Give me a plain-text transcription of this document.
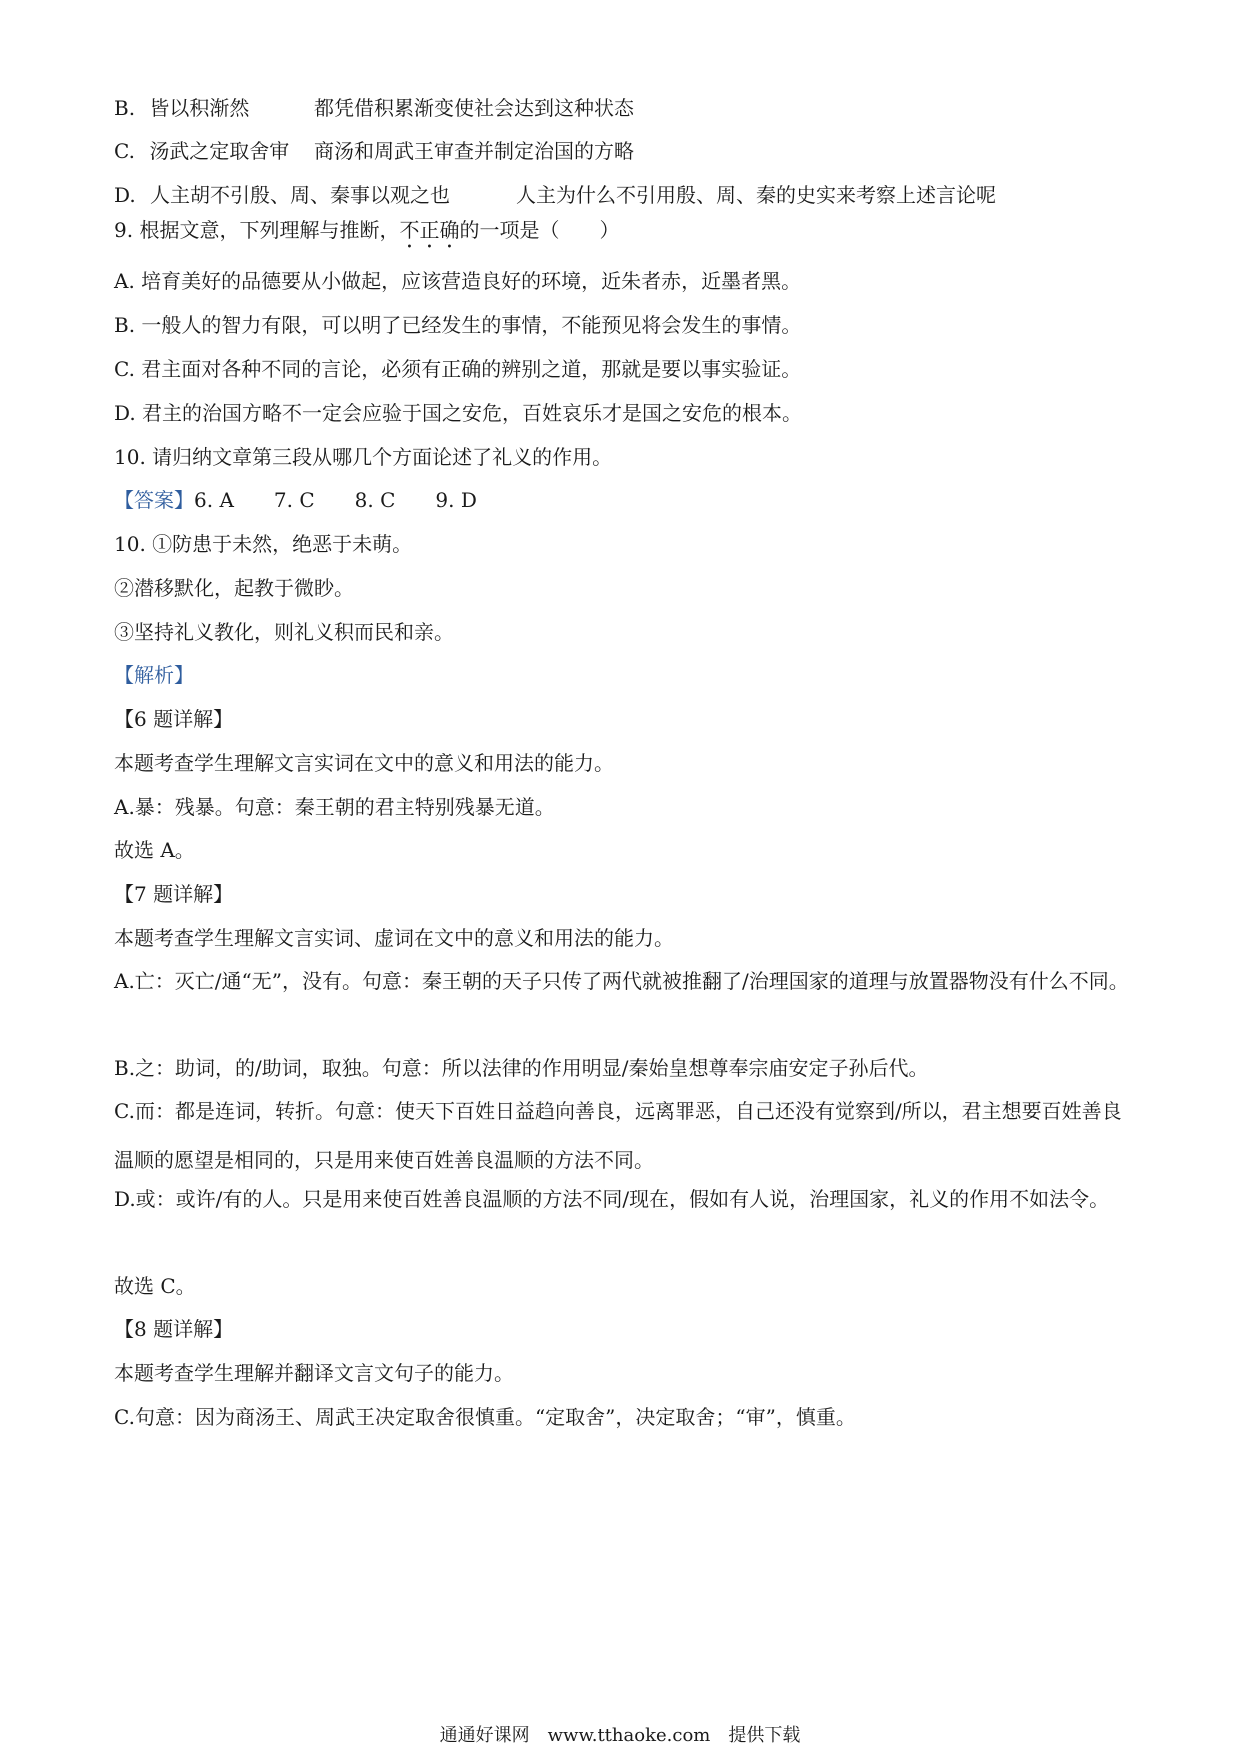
B. 皆以积渐然	都凭借积累渐变使社会达到这种状态
C. 汤武之定取舍审 商汤和周武王审查并制定治国的方略
D. 人主胡不引殷、周、秦事以观之也	人主为什么不引用殷、周、秦的史实来考察上述言论呢
9. 根据文意，下列理解与推断，不正确的一项是（　　）
A. 培育美好的品德要从小做起，应该营造良好的环境，近朱者赤，近墨者黑。
B. 一般人的智力有限，可以明了已经发生的事情，不能预见将会发生的事情。
C. 君主面对各种不同的言论，必须有正确的辨别之道，那就是要以事实验证。
D. 君主的治国方略不一定会应验于国之安危，百姓哀乐才是国之安危的根本。
10. 请归纳文章第三段从哪几个方面论述了礼义的作用。
【答案】6. A 7. C 8. C 9. D
10. ①防患于未然，绝恶于未萌。
②潜移默化，起教于微眇。
③坚持礼义教化，则礼义积而民和亲。
【解析】
【6 题详解】
本题考查学生理解文言实词在文中的意义和用法的能力。
A.暴：残暴。句意：秦王朝的君主特别残暴无道。
故选 A。
【7 题详解】
本题考查学生理解文言实词、虚词在文中的意义和用法的能力。
A.亡：灭亡/通“无”，没有。句意：秦王朝的天子只传了两代就被推翻了/治理国家的道理与放置器物没有什么不同。
B.之：助词，的/助词，取独。句意：所以法律的作用明显/秦始皇想尊奉宗庙安定子孙后代。
C.而：都是连词，转折。句意：使天下百姓日益趋向善良，远离罪恶，自己还没有觉察到/所以，君主想要百姓善良温顺的愿望是相同的，只是用来使百姓善良温顺的方法不同。
D.或：或许/有的人。只是用来使百姓善良温顺的方法不同/现在，假如有人说，治理国家，礼义的作用不如法令。
故选 C。
【8 题详解】
本题考查学生理解并翻译文言文句子的能力。
C.句意：因为商汤王、周武王决定取舍很慎重。“定取舍”，决定取舍；“审”，慎重。
通通好课网　www.tthaoke.com　提供下载
